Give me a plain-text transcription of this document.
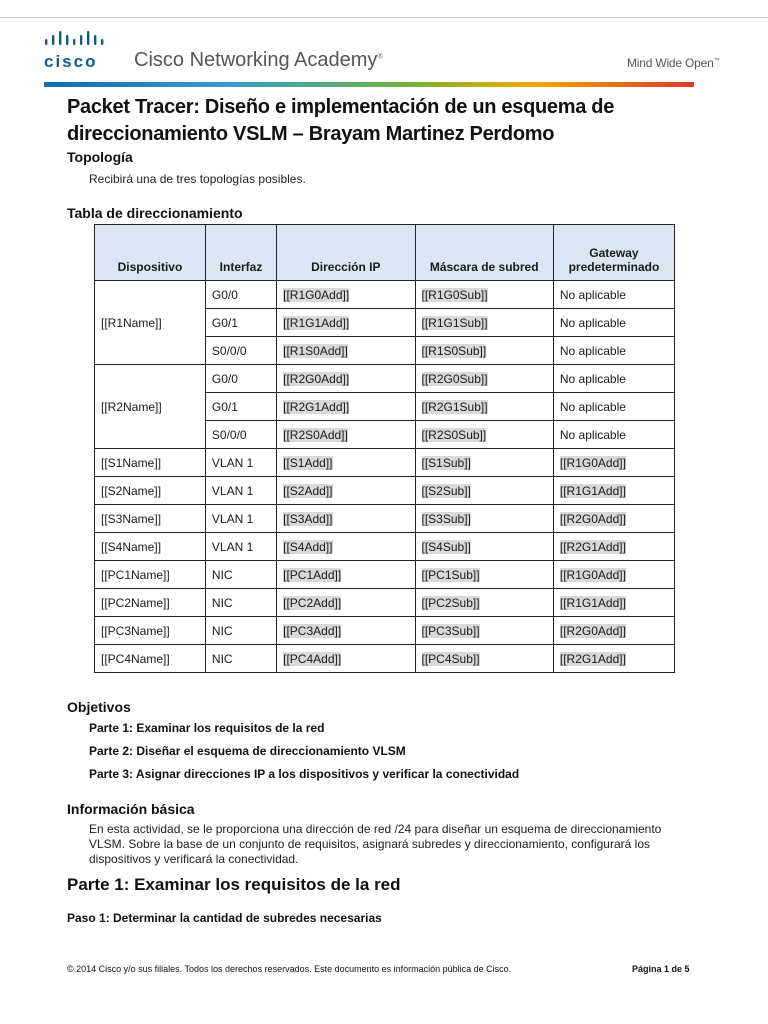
cisco Cisco Networking Academy®	Mind Wide Open™
Packet Tracer: Diseño e implementación de un esquema de
direccionamiento VSLM – Brayam Martinez Perdomo
Topología
Recibirá una de tres topologías posibles.
Tabla de direccionamiento
Dispositivo	Interfaz	Dirección IP	Máscara de subred	Gateway predeterminado
[[R1Name]]	G0/0	[[R1G0Add]]	[[R1G0Sub]]	No aplicable
	G0/1	[[R1G1Add]]	[[R1G1Sub]]	No aplicable
	S0/0/0	[[R1S0Add]]	[[R1S0Sub]]	No aplicable
[[R2Name]]	G0/0	[[R2G0Add]]	[[R2G0Sub]]	No aplicable
	G0/1	[[R2G1Add]]	[[R2G1Sub]]	No aplicable
	S0/0/0	[[R2S0Add]]	[[R2S0Sub]]	No aplicable
[[S1Name]]	VLAN 1	[[S1Add]]	[[S1Sub]]	[[R1G0Add]]
[[S2Name]]	VLAN 1	[[S2Add]]	[[S2Sub]]	[[R1G1Add]]
[[S3Name]]	VLAN 1	[[S3Add]]	[[S3Sub]]	[[R2G0Add]]
[[S4Name]]	VLAN 1	[[S4Add]]	[[S4Sub]]	[[R2G1Add]]
[[PC1Name]]	NIC	[[PC1Add]]	[[PC1Sub]]	[[R1G0Add]]
[[PC2Name]]	NIC	[[PC2Add]]	[[PC2Sub]]	[[R1G1Add]]
[[PC3Name]]	NIC	[[PC3Add]]	[[PC3Sub]]	[[R2G0Add]]
[[PC4Name]]	NIC	[[PC4Add]]	[[PC4Sub]]	[[R2G1Add]]
Objetivos
Parte 1: Examinar los requisitos de la red
Parte 2: Diseñar el esquema de direccionamiento VLSM
Parte 3: Asignar direcciones IP a los dispositivos y verificar la conectividad
Información básica
En esta actividad, se le proporciona una dirección de red /24 para diseñar un esquema de direccionamiento VLSM. Sobre la base de un conjunto de requisitos, asignará subredes y direccionamiento, configurará los dispositivos y verificará la conectividad.
Parte 1: Examinar los requisitos de la red
Paso 1: Determinar la cantidad de subredes necesarias
© 2014 Cisco y/o sus filiales. Todos los derechos reservados. Este documento es información pública de Cisco.	Página 1 de 5
